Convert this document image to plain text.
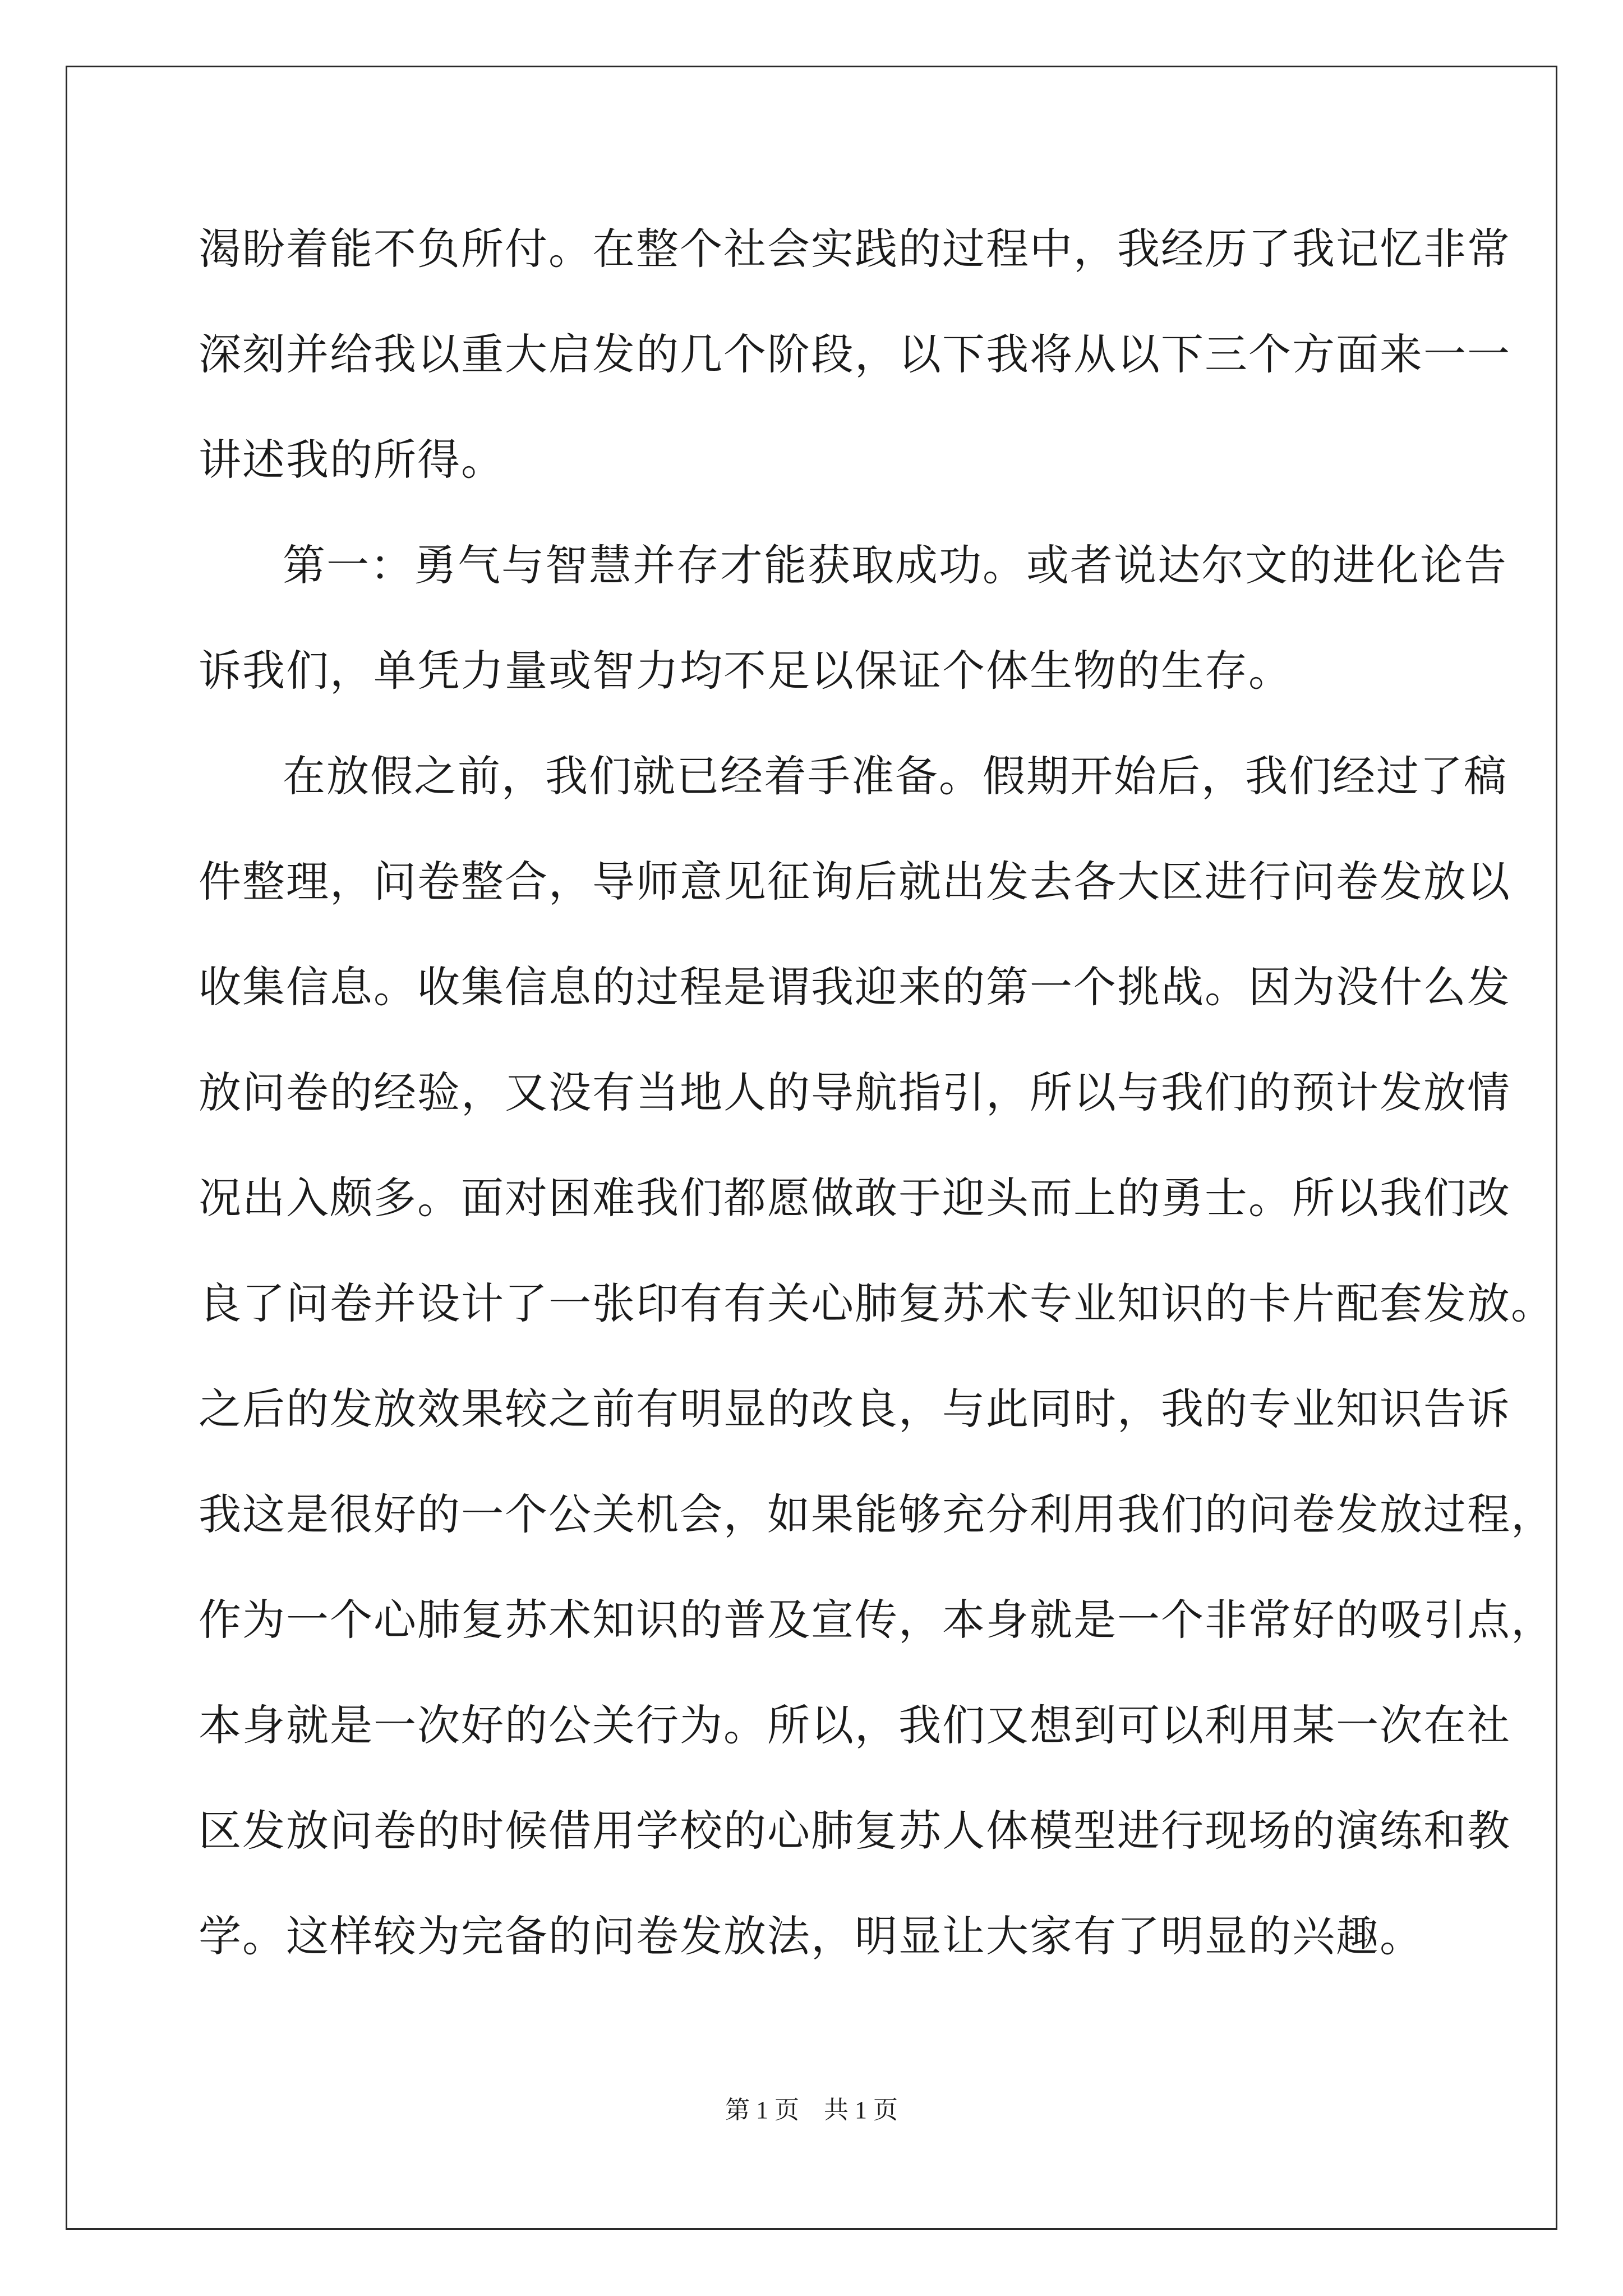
渴盼着能不负所付。在整个社会实践的过程中，我经历了我记忆非常
深刻并给我以重大启发的几个阶段，以下我将从以下三个方面来一一
讲述我的所得。
第一：勇气与智慧并存才能获取成功。或者说达尔文的进化论告
诉我们，单凭力量或智力均不足以保证个体生物的生存。
在放假之前，我们就已经着手准备。假期开始后，我们经过了稿
件整理，问卷整合，导师意见征询后就出发去各大区进行问卷发放以
收集信息。收集信息的过程是谓我迎来的第一个挑战。因为没什么发
放问卷的经验，又没有当地人的导航指引，所以与我们的预计发放情
况出入颇多。面对困难我们都愿做敢于迎头而上的勇士。所以我们改
良了问卷并设计了一张印有有关心肺复苏术专业知识的卡片配套发放。
之后的发放效果较之前有明显的改良，与此同时，我的专业知识告诉
我这是很好的一个公关机会，如果能够充分利用我们的问卷发放过程，
作为一个心肺复苏术知识的普及宣传，本身就是一个非常好的吸引点，
本身就是一次好的公关行为。所以，我们又想到可以利用某一次在社
区发放问卷的时候借用学校的心肺复苏人体模型进行现场的演练和教
学。这样较为完备的问卷发放法，明显让大家有了明显的兴趣。
第 1 页　共 1 页
